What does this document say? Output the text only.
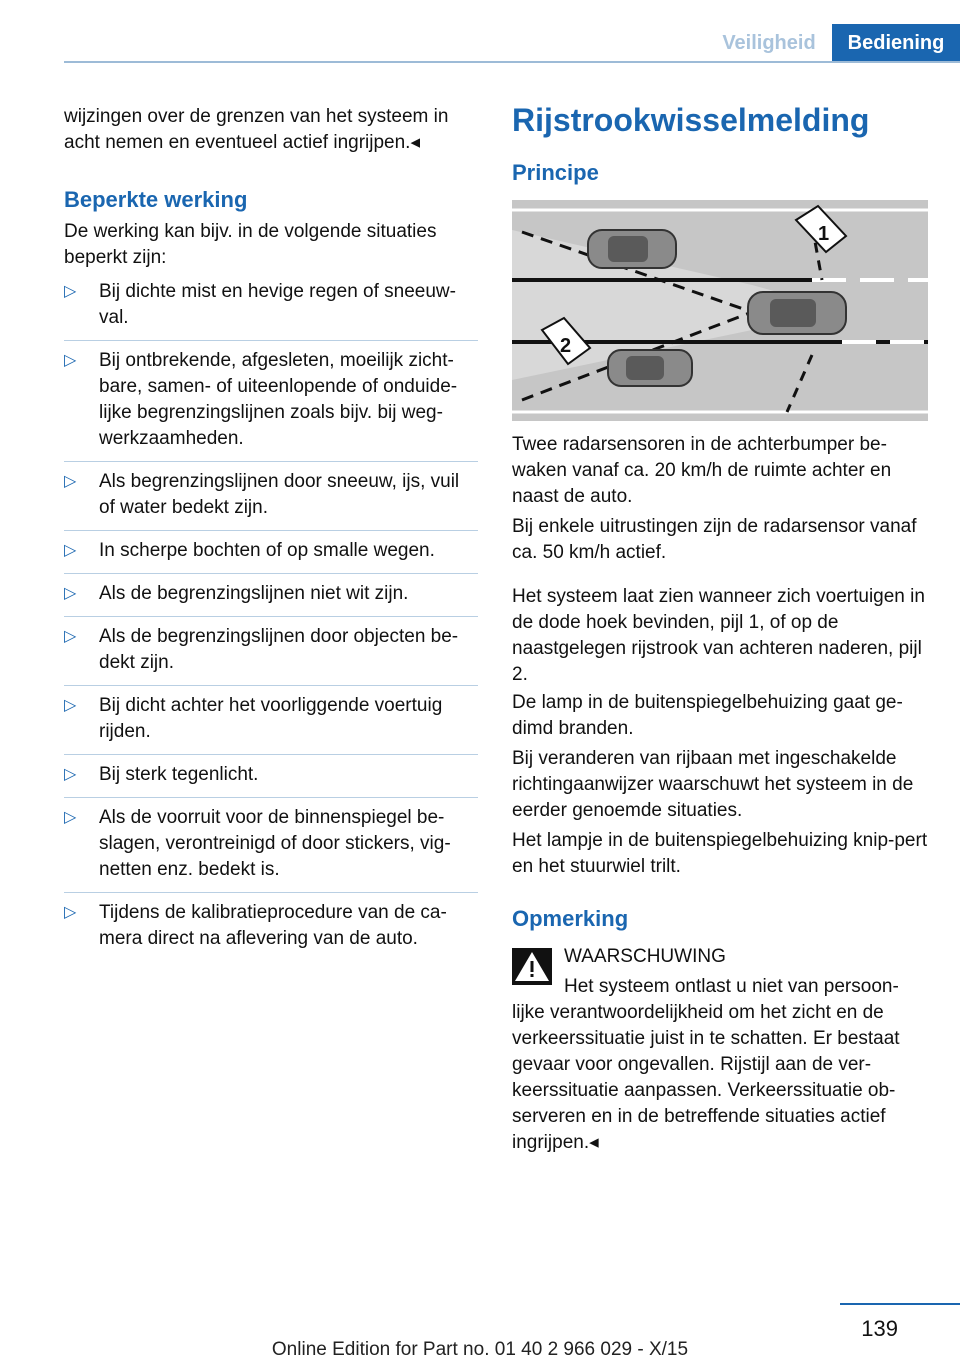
Veiligheid	Bediening

wijzingen over de grenzen van het systeem in acht nemen en eventueel actief ingrijpen.◂

Beperkte werking

De werking kan bijv. in de volgende situaties beperkt zijn:

▷ Bij dichte mist en hevige regen of sneeuw-val.
▷ Bij ontbrekende, afgesleten, moeilijk zicht-bare, samen- of uiteenlopende of onduide-lijke begrenzingslijnen zoals bijv. bij weg-werkzaamheden.
▷ Als begrenzingslijnen door sneeuw, ijs, vuil of water bedekt zijn.
▷ In scherpe bochten of op smalle wegen.
▷ Als de begrenzingslijnen niet wit zijn.
▷ Als de begrenzingslijnen door objecten be-dekt zijn.
▷ Bij dicht achter het voorliggende voertuig rijden.
▷ Bij sterk tegenlicht.
▷ Als de voorruit voor de binnenspiegel be-slagen, verontreinigd of door stickers, vig-netten enz. bedekt is.
▷ Tijdens de kalibratieprocedure van de ca-mera direct na aflevering van de auto.
Rijstrookwisselmelding
Principe
1
2

Twee radarsensoren in de achterbumper be-waken vanaf ca. 20 km/h de ruimte achter en naast de auto.

Bij enkele uitrustingen zijn de radarsensor vanaf ca. 50 km/h actief.

Het systeem laat zien wanneer zich voertuigen in de dode hoek bevinden, pijl 1, of op de naastgelegen rijstrook van achteren naderen, pijl 2.

De lamp in de buitenspiegelbehuizing gaat ge-dimd branden.

Bij veranderen van rijbaan met ingeschakelde richtingaanwijzer waarschuwt het systeem in de eerder genoemde situaties.

Het lampje in de buitenspiegelbehuizing knip-pert en het stuurwiel trilt.

Opmerking
WAARSCHUWING
Het systeem ontlast u niet van persoon-lijke verantwoordelijkheid om het zicht en de verkeerssituatie juist in te schatten. Er bestaat gevaar voor ongevallen. Rijstijl aan de ver-keerssituatie aanpassen. Verkeerssituatie ob-serveren en in de betreffende situaties actief ingrijpen.◂
139
Online Edition for Part no. 01 40 2 966 029 - X/15
